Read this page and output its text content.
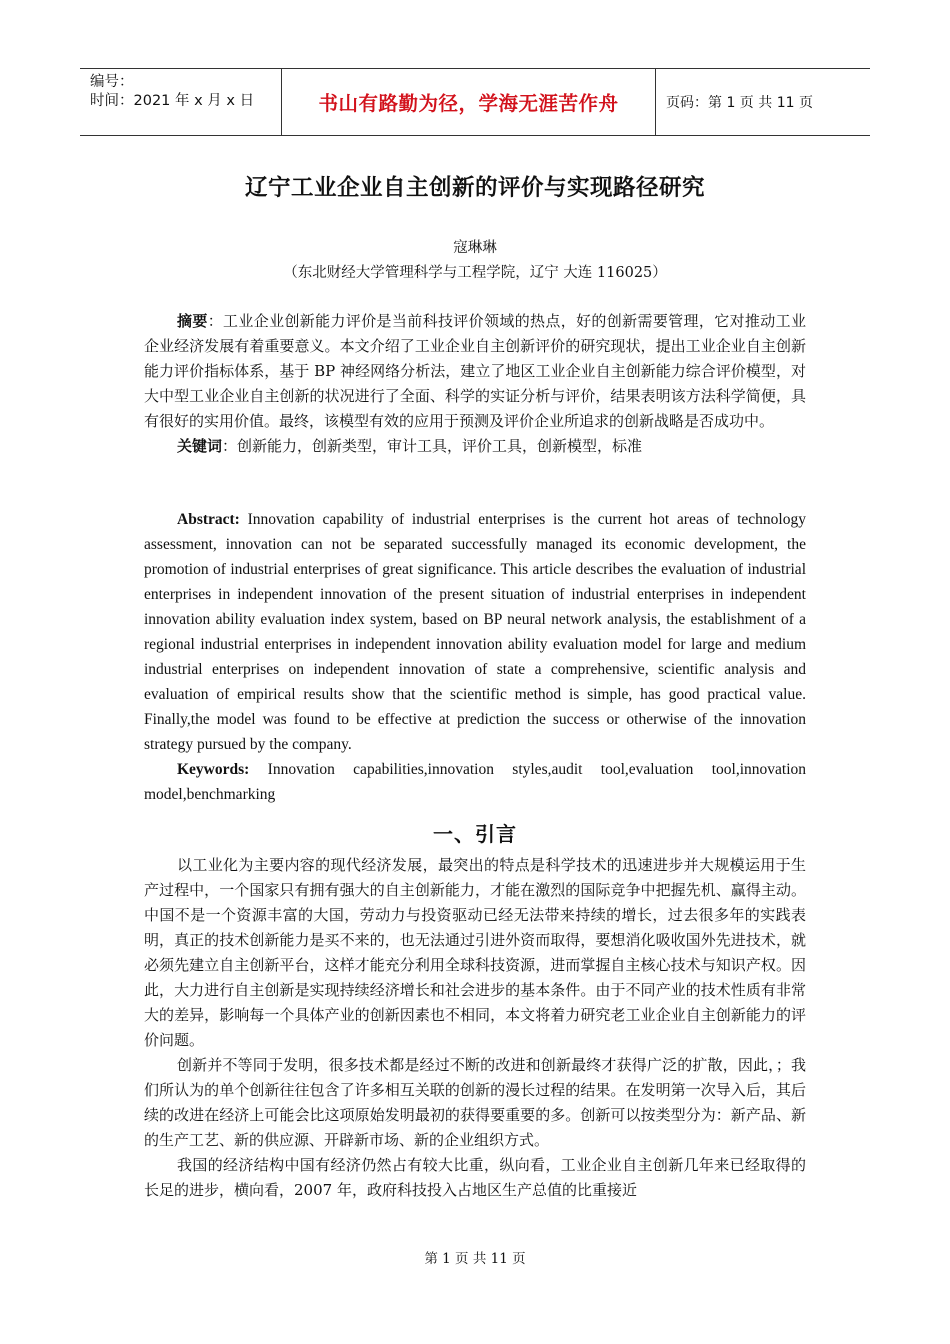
编号：
时间：2021 年 x 月 x 日	书山有路勤为径，学海无涯苦作舟	页码：第 1 页 共 11 页
辽宁工业企业自主创新的评价与实现路径研究
寇琳琳
（东北财经大学管理科学与工程学院，辽宁 大连 116025）

摘要：工业企业创新能力评价是当前科技评价领域的热点，好的创新需要管理，它对推动工业企业经济发展有着重要意义。本文介绍了工业企业自主创新评价的研究现状，提出工业企业自主创新能力评价指标体系，基于 BP 神经网络分析法，建立了地区工业企业自主创新能力综合评价模型，对大中型工业企业自主创新的状况进行了全面、科学的实证分析与评价，结果表明该方法科学简便，具有很好的实用价值。最终，该模型有效的应用于预测及评价企业所追求的创新战略是否成功中。

关键词：创新能力，创新类型，审计工具，评价工具，创新模型，标准

Abstract: Innovation capability of industrial enterprises is the current hot areas of technology assessment, innovation can not be separated successfully managed its economic development, the promotion of industrial enterprises of great significance. This article describes the evaluation of industrial enterprises in independent innovation of the present situation of industrial enterprises in independent innovation ability evaluation index system, based on BP neural network analysis, the establishment of a regional industrial enterprises in independent innovation ability evaluation model for large and medium industrial enterprises on independent innovation of state a comprehensive, scientific analysis and evaluation of empirical results show that the scientific method is simple, has good practical value. Finally,the model was found to be effective at prediction the success or otherwise of the innovation strategy pursued by the company.

Keywords: Innovation capabilities,innovation styles,audit tool,evaluation tool,innovation model,benchmarking

一、引言

以工业化为主要内容的现代经济发展，最突出的特点是科学技术的迅速进步并大规模运用于生产过程中，一个国家只有拥有强大的自主创新能力，才能在激烈的国际竞争中把握先机、赢得主动。中国不是一个资源丰富的大国，劳动力与投资驱动已经无法带来持续的增长，过去很多年的实践表明，真正的技术创新能力是买不来的，也无法通过引进外资而取得，要想消化吸收国外先进技术，就必须先建立自主创新平台，这样才能充分利用全球科技资源，进而掌握自主核心技术与知识产权。因此，大力进行自主创新是实现持续经济增长和社会进步的基本条件。由于不同产业的技术性质有非常大的差异，影响每一个具体产业的创新因素也不相同，本文将着力研究老工业企业自主创新能力的评价问题。

创新并不等同于发明，很多技术都是经过不断的改进和创新最终才获得广泛的扩散，因此，；我们所认为的单个创新往往包含了许多相互关联的创新的漫长过程的结果。在发明第一次导入后，其后续的改进在经济上可能会比这项原始发明最初的获得要重要的多。创新可以按类型分为：新产品、新的生产工艺、新的供应源、开辟新市场、新的企业组织方式。

我国的经济结构中国有经济仍然占有较大比重，纵向看，工业企业自主创新几年来已经取得的长足的进步，横向看，2007 年，政府科技投入占地区生产总值的比重接近

第 1 页 共 11 页
